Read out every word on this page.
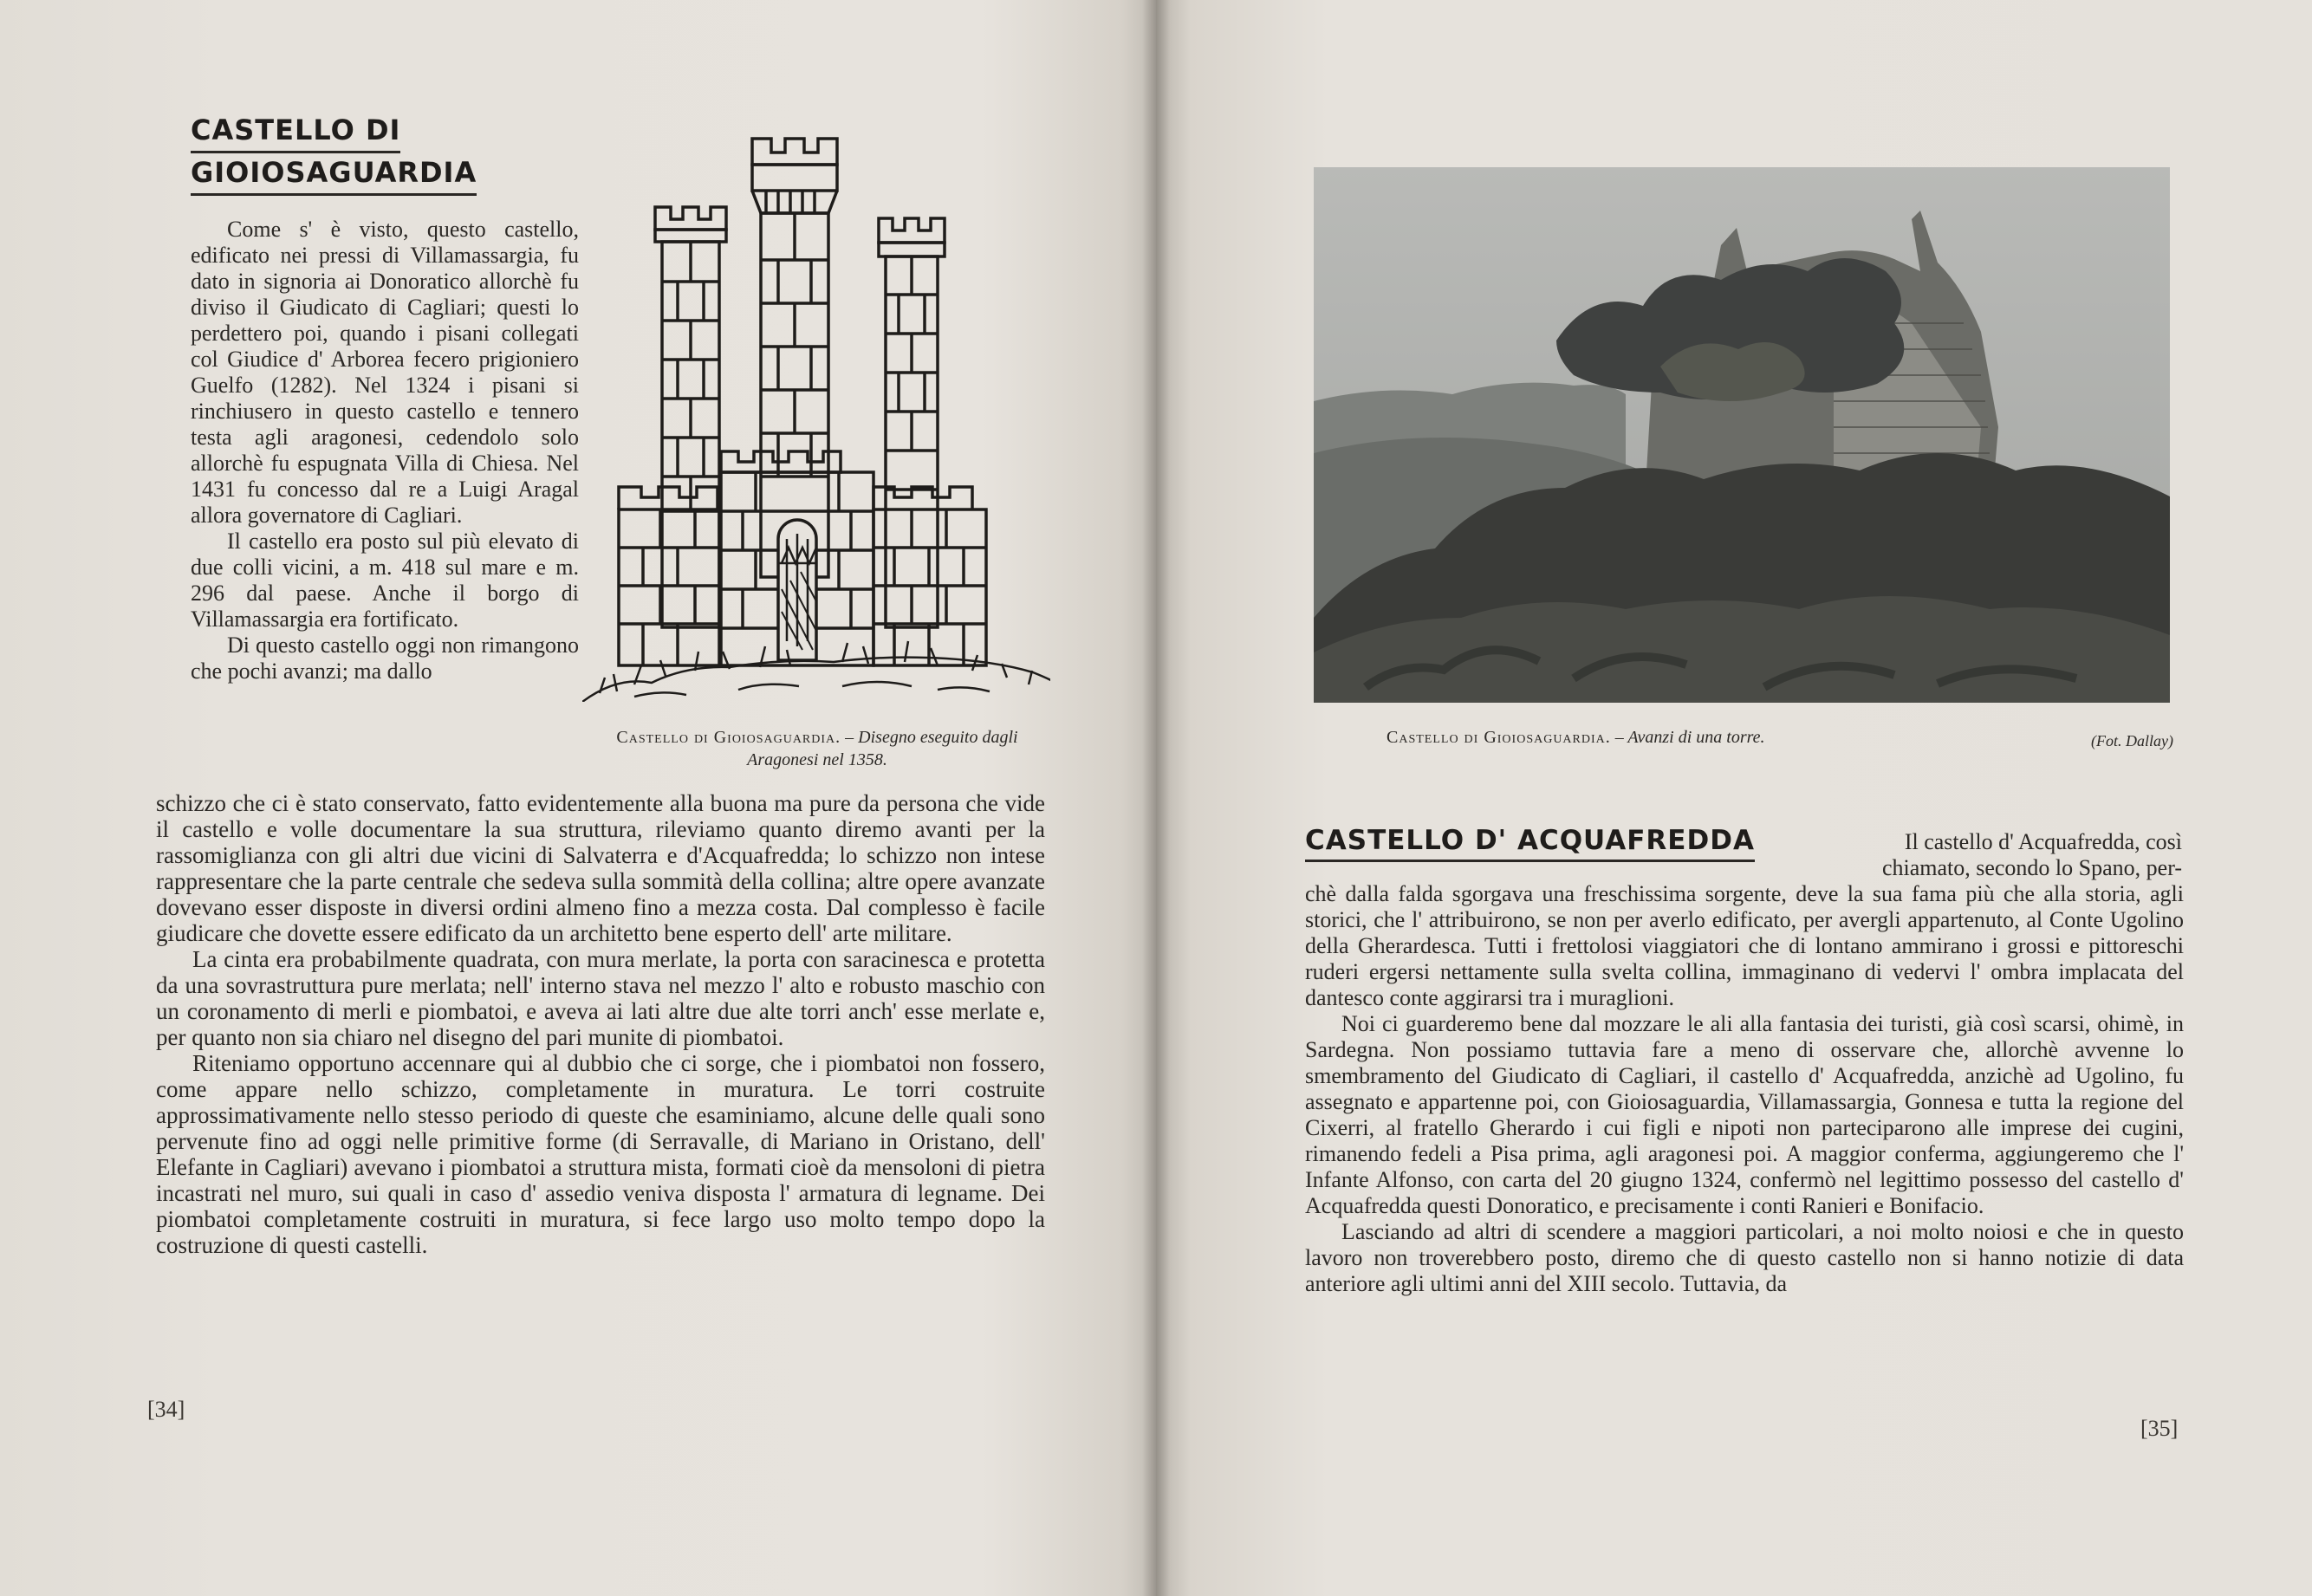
CASTELLO DI
GIOIOSAGUARDIA

Come s' è visto, questo castello, edificato nei pressi di Villamassargia, fu dato in signoria ai Donoratico allorchè fu diviso il Giudicato di Cagliari; questi lo perdettero poi, quando i pisani collegati col Giudice d' Arborea fecero prigioniero Guelfo (1282). Nel 1324 i pisani si rinchiusero in questo castello e tennero testa agli aragonesi, cedendolo solo allorchè fu espugnata Villa di Chiesa. Nel 1431 fu concesso dal re a Luigi Aragal allora governatore di Cagliari.

Il castello era posto sul più elevato di due colli vicini, a m. 418 sul mare e m. 296 dal paese. Anche il borgo di Villamassargia era fortificato.

Di questo castello oggi non rimangono che pochi avanzi; ma dallo

Castello di Gioiosaguardia. – Disegno eseguito dagli Aragonesi nel 1358.

schizzo che ci è stato conservato, fatto evidentemente alla buona ma pure da persona che vide il castello e volle documentare la sua struttura, rileviamo quanto diremo avanti per la rassomiglianza con gli altri due vicini di Salvaterra e d'Acquafredda; lo schizzo non intese rappresentare che la parte centrale che sedeva sulla sommità della collina; altre opere avanzate dovevano esser disposte in diversi ordini almeno fino a mezza costa. Dal complesso è facile giudicare che dovette essere edificato da un architetto bene esperto dell' arte militare.

La cinta era probabilmente quadrata, con mura merlate, la porta con saracinesca e protetta da una sovrastruttura pure merlata; nell' interno stava nel mezzo l' alto e robusto maschio con un coronamento di merli e piombatoi, e aveva ai lati altre due alte torri anch' esse merlate e, per quanto non sia chiaro nel disegno del pari munite di piombatoi.

Riteniamo opportuno accennare qui al dubbio che ci sorge, che i piombatoi non fossero, come appare nello schizzo, completamente in muratura. Le torri costruite approssimativamente nello stesso periodo di queste che esaminiamo, alcune delle quali sono pervenute fino ad oggi nelle primitive forme (di Serravalle, di Mariano in Oristano, dell' Elefante in Cagliari) avevano i piombatoi a struttura mista, formati cioè da mensoloni di pietra incastrati nel muro, sui quali in caso d' assedio veniva disposta l' armatura di legname. Dei piombatoi completamente costruiti in muratura, si fece largo uso molto tempo dopo la costruzione di questi castelli.

[34]
[35]
Castello di Gioiosaguardia. – Avanzi di una torre.	(Fot. Dallay)
CASTELLO D' ACQUAFREDDA	Il castello d' Acquafredda, così

chiamato, secondo lo Spano, per-

chè dalla falda sgorgava una freschissima sorgente, deve la sua fama più che alla storia, agli storici, che l' attribuirono, se non per averlo edificato, per avergli appartenuto, al Conte Ugolino della Gherardesca. Tutti i frettolosi viaggiatori che di lontano ammirano i grossi e pittoreschi ruderi ergersi nettamente sulla svelta collina, immaginano di vedervi l' ombra implacata del dantesco conte aggirarsi tra i muraglioni.

Noi ci guarderemo bene dal mozzare le ali alla fantasia dei turisti, già così scarsi, ohimè, in Sardegna. Non possiamo tuttavia fare a meno di osservare che, allorchè avvenne lo smembramento del Giudicato di Cagliari, il castello d' Acquafredda, anzichè ad Ugolino, fu assegnato e appartenne poi, con Gioiosaguardia, Villamassargia, Gonnesa e tutta la regione del Cixerri, al fratello Gherardo i cui figli e nipoti non parteciparono alle imprese dei cugini, rimanendo fedeli a Pisa prima, agli aragonesi poi. A maggior conferma, aggiungeremo che l' Infante Alfonso, con carta del 20 giugno 1324, confermò nel legittimo possesso del castello d' Acquafredda questi Donoratico, e precisamente i conti Ranieri e Bonifacio.

Lasciando ad altri di scendere a maggiori particolari, a noi molto noiosi e che in questo lavoro non troverebbero posto, diremo che di questo castello non si hanno notizie di data anteriore agli ultimi anni del XIII secolo. Tuttavia, da
